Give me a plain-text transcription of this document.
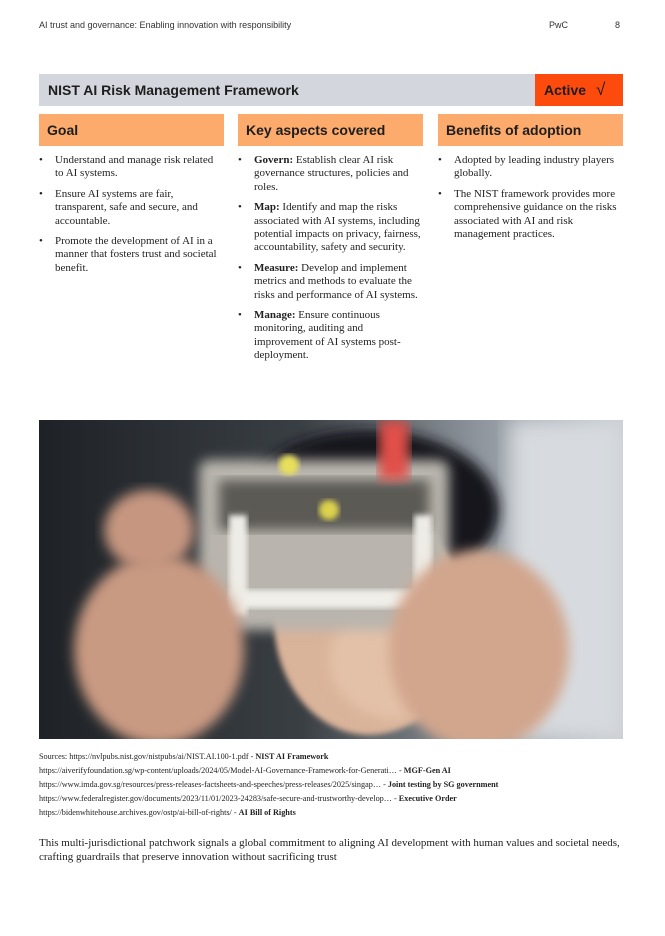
AI trust and governance: Enabling innovation with responsibility	PwC	8
NIST AI Risk Management Framework	Active √
Goal	Key aspects covered	Benefits of adoption
• Understand and manage risk related to AI systems.
• Ensure AI systems are fair, transparent, safe and secure, and accountable.
• Promote the development of AI in a manner that fosters trust and societal benefit.
• Govern: Establish clear AI risk governance structures, policies and roles.
• Map: Identify and map the risks associated with AI systems, including potential impacts on privacy, fairness, accountability, safety and security.
• Measure: Develop and implement metrics and methods to evaluate the risks and performance of AI systems.
• Manage: Ensure continuous monitoring, auditing and improvement of AI systems post-deployment.
• Adopted by leading industry players globally.
• The NIST framework provides more comprehensive guidance on the risks associated with AI and risk management practices.
Sources: https://nvlpubs.nist.gov/nistpubs/ai/NIST.AI.100-1.pdf - NIST AI Framework
https://aiverifyfoundation.sg/wp-content/uploads/2024/05/Model-AI-Governance-Framework-for-Generati… - MGF-Gen AI
https://www.imda.gov.sg/resources/press-releases-factsheets-and-speeches/press-releases/2025/singap… - Joint testing by SG government
https://www.federalregister.gov/documents/2023/11/01/2023-24283/safe-secure-and-trustworthy-develop… - Executive Order
https://bidenwhitehouse.archives.gov/ostp/ai-bill-of-rights/ - AI Bill of Rights
This multi-jurisdictional patchwork signals a global commitment to aligning AI development with human values and societal needs, crafting guardrails that preserve innovation without sacrificing trust
